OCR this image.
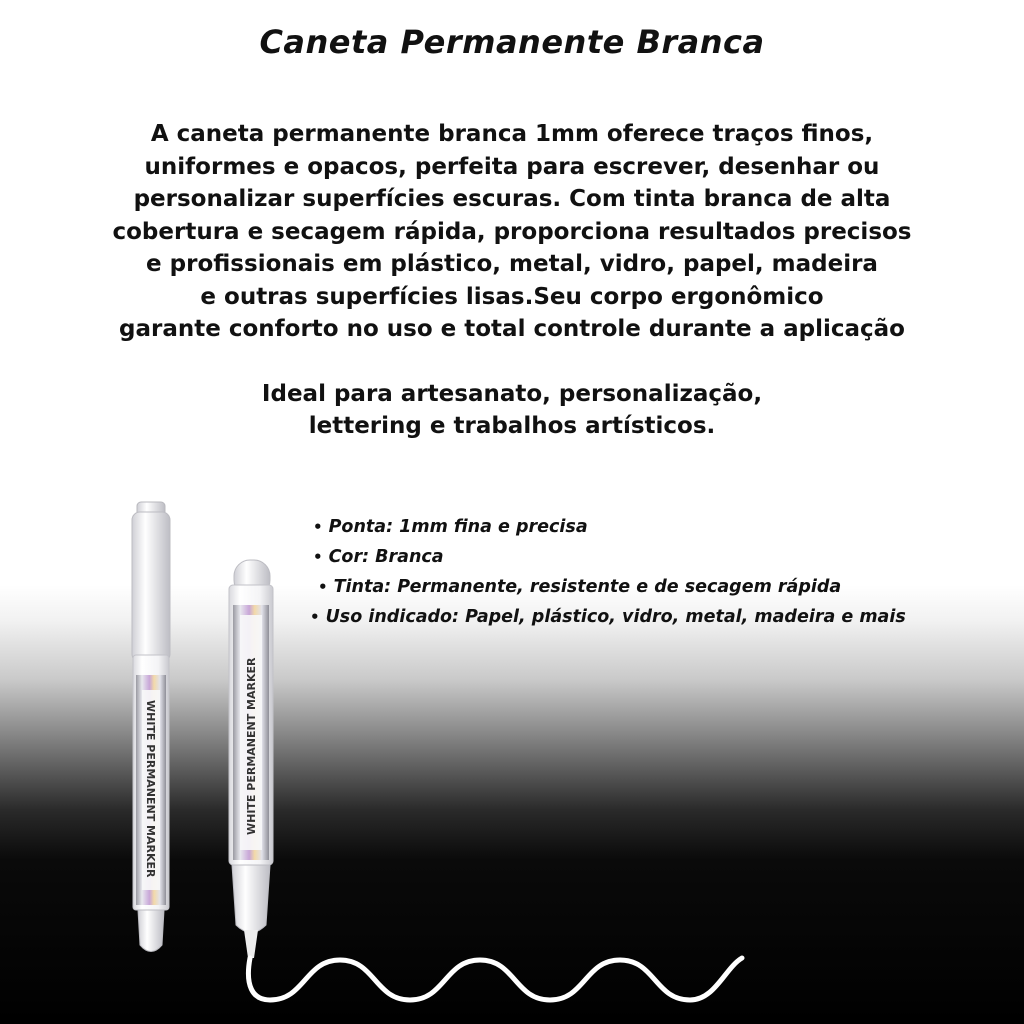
Caneta Permanente Branca
A caneta permanente branca 1mm oferece traços finos,
uniformes e opacos, perfeita para escrever, desenhar ou
personalizar superfícies escuras. Com tinta branca de alta
cobertura e secagem rápida, proporciona resultados precisos
e profissionais em plástico, metal, vidro, papel, madeira
e outras superfícies lisas.Seu corpo ergonômico
garante conforto no uso e total controle durante a aplicação
Ideal para artesanato, personalização,
lettering e trabalhos artísticos.
• Ponta: 1mm fina e precisa
• Cor: Branca
• Tinta: Permanente, resistente e de secagem rápida
• Uso indicado: Papel, plástico, vidro, metal, madeira e mais
WHITE PERMANENT MARKER	WHITE PERMANENT MARKER
